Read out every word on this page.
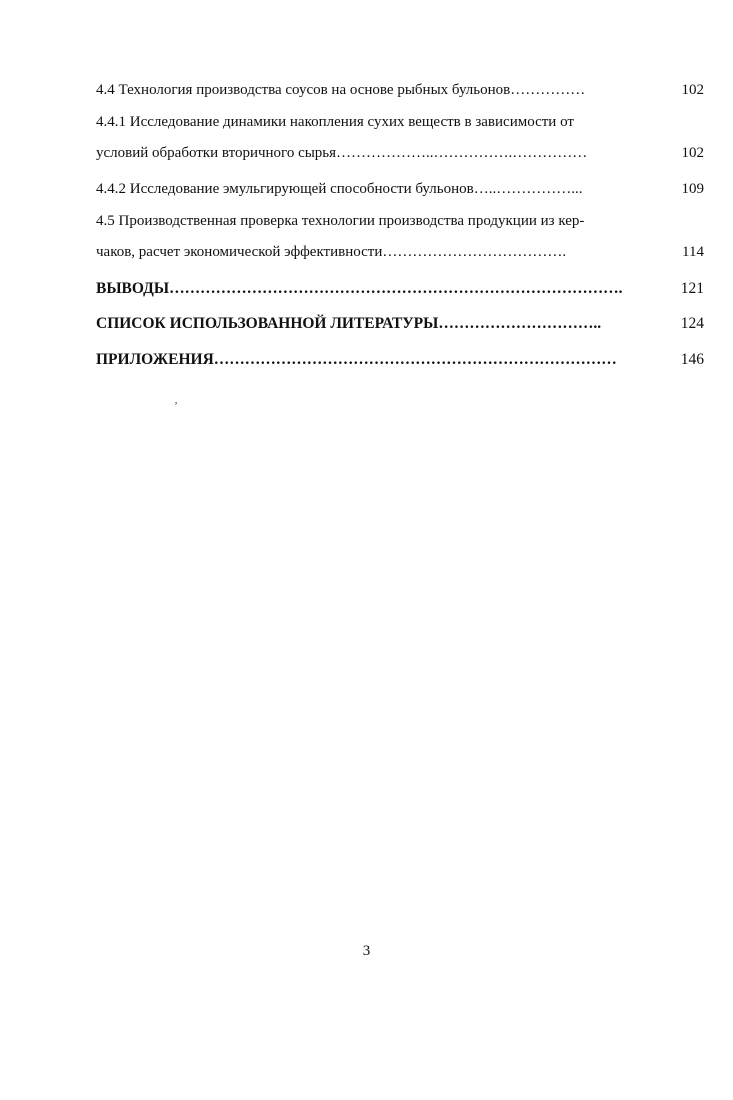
4.4 Технология производства соусов на основе рыбных бульонов……………	102
4.4.1 Исследование динамики накопления сухих веществ в зависимости от
условий обработки вторичного сырья………………..…………….……………	102
4.4.2 Исследование эмульгирующей способности бульонов…..……………...	109
4.5 Производственная проверка технологии производства продукции из кер-
чаков, расчет экономической эффективности……………………………….	114
ВЫВОДЫ…………………………………………………………………………….	121
СПИСОК ИСПОЛЬЗОВАННОЙ ЛИТЕРАТУРЫ…………………………..	124
ПРИЛОЖЕНИЯ……………………………………………………………………	146
‚
3
